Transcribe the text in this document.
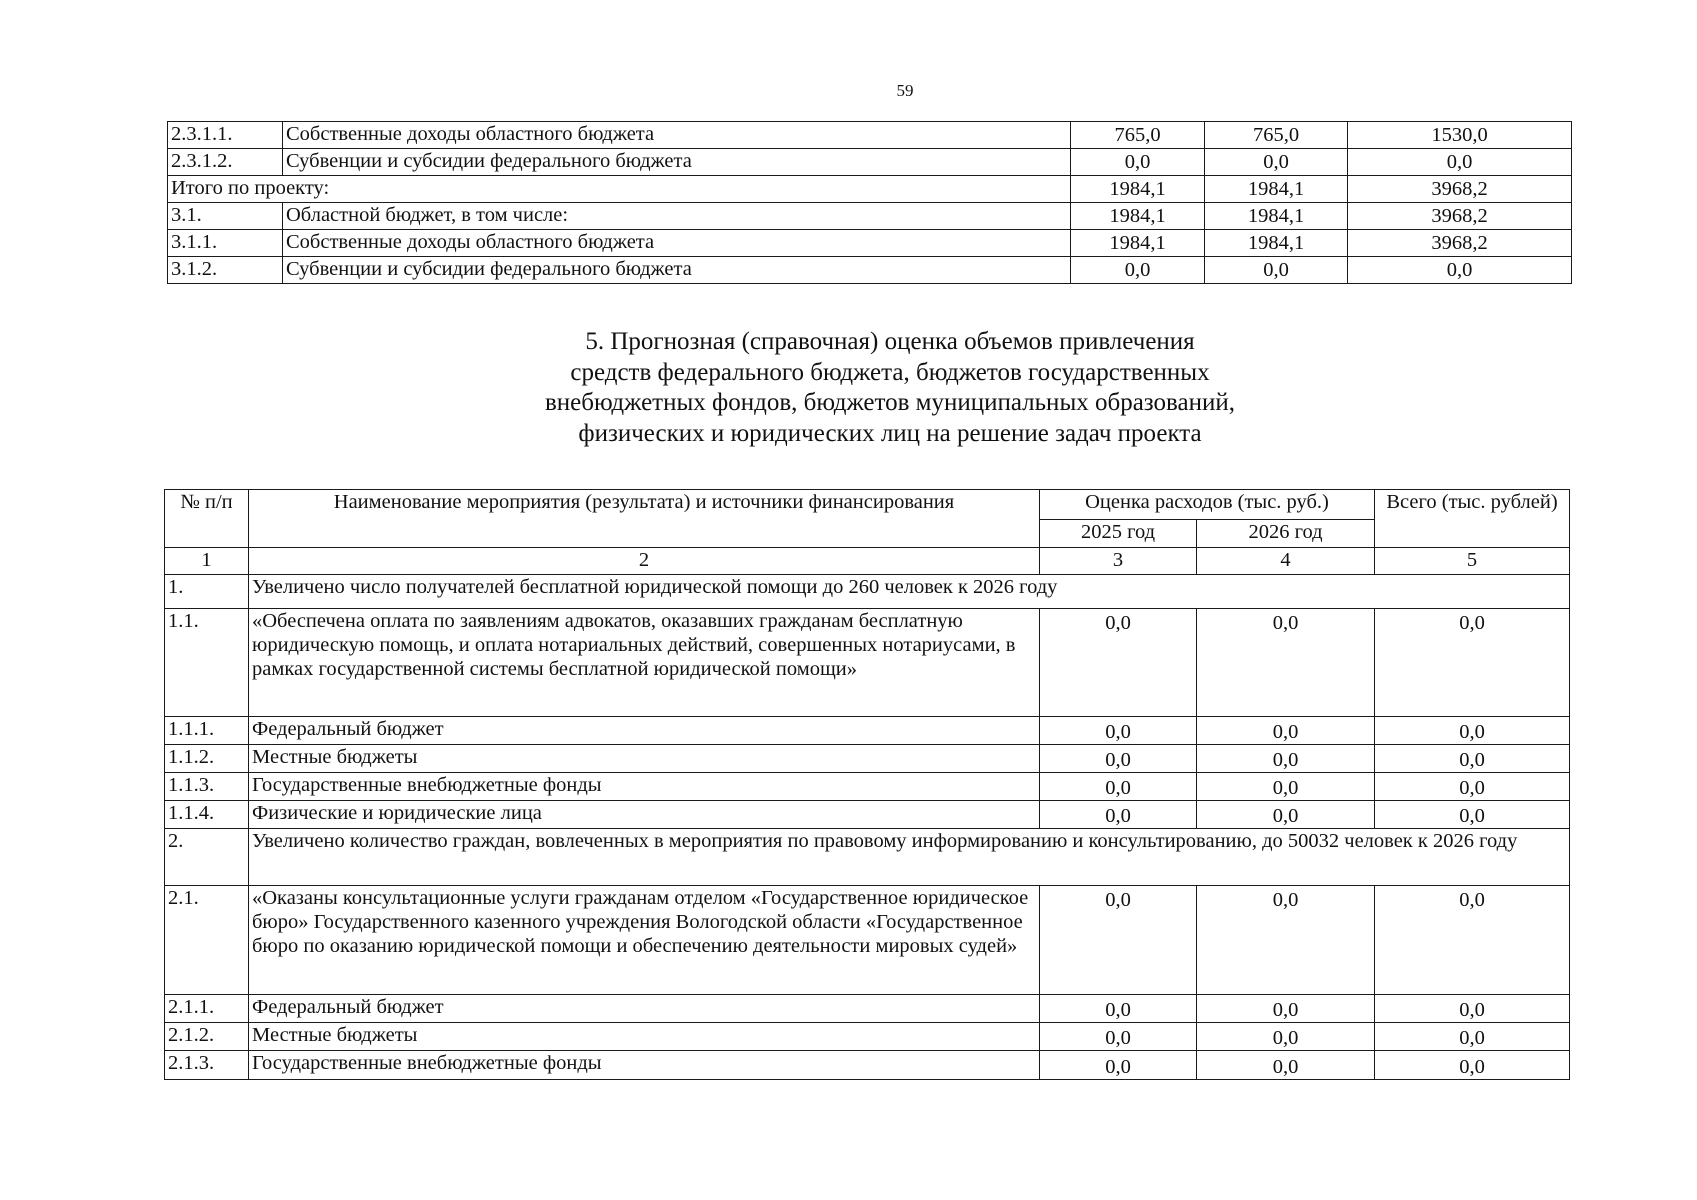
59
2.3.1.1.	Собственные доходы областного бюджета	765,0	765,0	1530,0
2.3.1.2.	Субвенции и субсидии федерального бюджета	0,0	0,0	0,0
Итого по проекту:		1984,1	1984,1	3968,2
3.1.	Областной бюджет, в том числе:	1984,1	1984,1	3968,2
3.1.1.	Собственные доходы областного бюджета	1984,1	1984,1	3968,2
3.1.2.	Субвенции и субсидии федерального бюджета	0,0	0,0	0,0
5. Прогнозная (справочная) оценка объемов привлечения
средств федерального бюджета, бюджетов государственных
внебюджетных фондов, бюджетов муниципальных образований,
физических и юридических лиц на решение задач проекта
№ п/п	Наименование мероприятия (результата) и источники финансирования	Оценка расходов (тыс. руб.)		Всего (тыс. рублей)
		2025 год	2026 год	
1	2	3	4	5
1.	Увеличено число получателей бесплатной юридической помощи до 260 человек к 2026 году			
1.1.	«Обеспечена оплата по заявлениям адвокатов, оказавших гражданам бесплатную юридическую помощь, и оплата нотариальных действий, совершенных нотариусами, в рамках государственной системы бесплатной юридической помощи»	0,0	0,0	0,0
1.1.1.	Федеральный бюджет	0,0	0,0	0,0
1.1.2.	Местные бюджеты	0,0	0,0	0,0
1.1.3.	Государственные внебюджетные фонды	0,0	0,0	0,0
1.1.4.	Физические и юридические лица	0,0	0,0	0,0
2.	Увеличено количество граждан, вовлеченных в мероприятия по правовому информированию и консультированию, до 50032 человек к 2026 году			
2.1.	«Оказаны консультационные услуги гражданам отделом «Государственное юридическое бюро» Государственного казенного учреждения Вологодской области «Государственное бюро по оказанию юридической помощи и обеспечению деятельности мировых судей»	0,0	0,0	0,0
2.1.1.	Федеральный бюджет	0,0	0,0	0,0
2.1.2.	Местные бюджеты	0,0	0,0	0,0
2.1.3.	Государственные внебюджетные фонды	0,0	0,0	0,0
